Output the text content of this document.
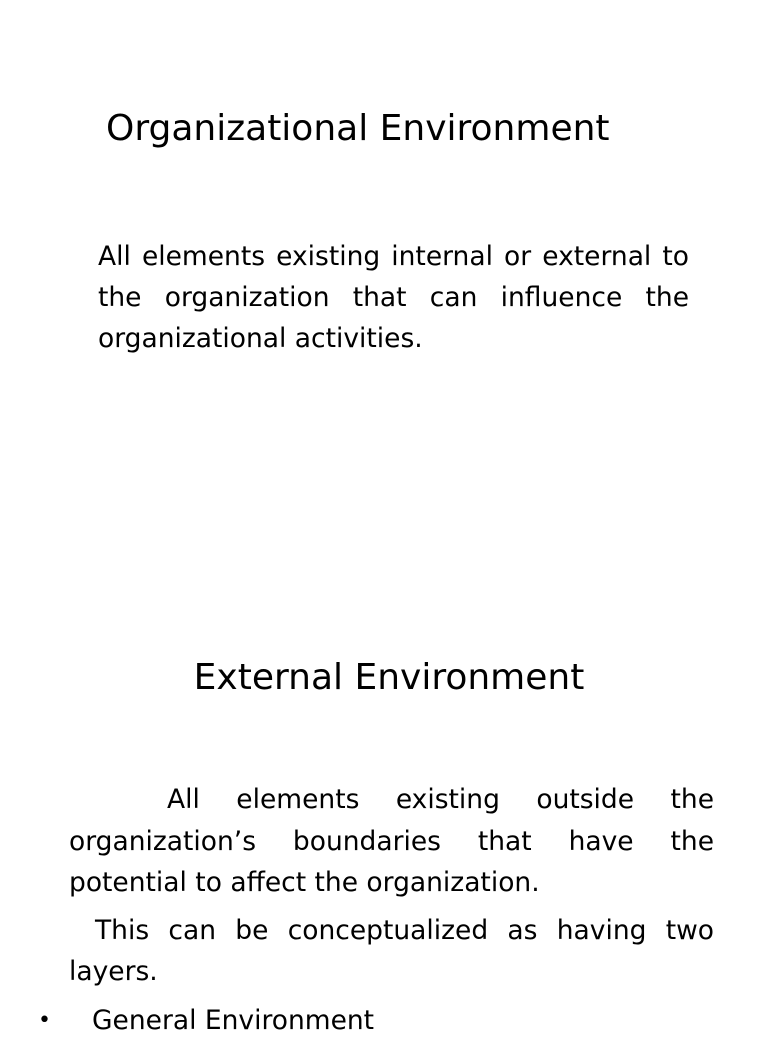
Organizational Environment

All elements existing internal or external to the organization that can influence the organizational activities.

External Environment

All elements existing outside the organization’s boundaries that have the potential to affect the organization.

This can be conceptualized as having two layers.

• General Environment
